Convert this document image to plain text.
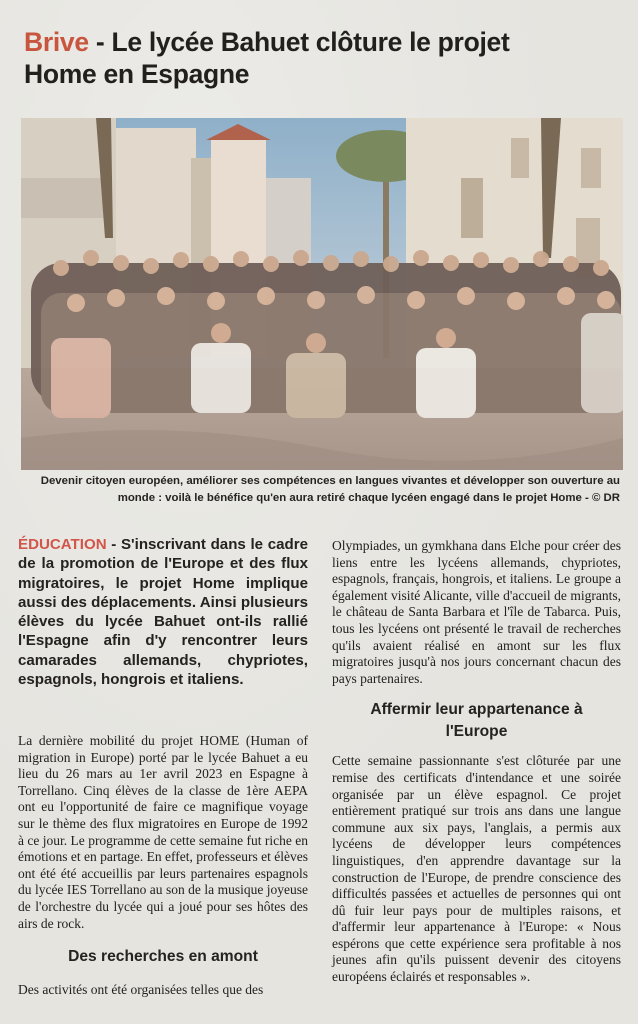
Brive - Le lycée Bahuet clôture le projet Home en Espagne

Devenir citoyen européen, améliorer ses compétences en langues vivantes et développer son ouverture au monde : voilà le bénéfice qu'en aura retiré chaque lycéen engagé dans le projet Home - © DR

ÉDUCATION - S'inscrivant dans le cadre de la promotion de l'Europe et des flux migratoires, le projet Home implique aussi des déplacements. Ainsi plusieurs élèves du lycée Bahuet ont-ils rallié l'Espagne afin d'y rencontrer leurs camarades allemands, chypriotes, espagnols, hongrois et italiens.

La dernière mobilité du projet HOME (Human of migration in Europe) porté par le lycée Bahuet a eu lieu du 26 mars au 1er avril 2023 en Espagne à Torrellano. Cinq élèves de la classe de 1ère AEPA ont eu l'opportunité de faire ce magnifique voyage sur le thème des flux migratoires en Europe de 1992 à ce jour. Le programme de cette semaine fut riche en émotions et en partage. En effet, professeurs et élèves ont été été accueillis par leurs partenaires espagnols du lycée IES Torrellano au son de la musique joyeuse de l'orchestre du lycée qui a joué pour ses hôtes des airs de rock.

Des recherches en amont

Des activités ont été organisées telles que des

Olympiades, un gymkhana dans Elche pour créer des liens entre les lycéens allemands, chypriotes, espagnols, français, hongrois, et italiens. Le groupe a également visité Alicante, ville d'accueil de migrants, le château de Santa Barbara et l'île de Tabarca. Puis, tous les lycéens ont présenté le travail de recherches qu'ils avaient réalisé en amont sur les flux migratoires jusqu'à nos jours concernant chacun des pays partenaires.

Affermir leur appartenance à l'Europe

Cette semaine passionnante s'est clôturée par une remise des certificats d'intendance et une soirée organisée par un élève espagnol. Ce projet entièrement pratiqué sur trois ans dans une langue commune aux six pays, l'anglais, a permis aux lycéens de développer leurs compétences linguistiques, d'en apprendre davantage sur la construction de l'Europe, de prendre conscience des difficultés passées et actuelles de personnes qui ont dû fuir leur pays pour de multiples raisons, et d'affermir leur appartenance à l'Europe: « Nous espérons que cette expérience sera profitable à nos jeunes afin qu'ils puissent devenir des citoyens européens éclairés et responsables ».
